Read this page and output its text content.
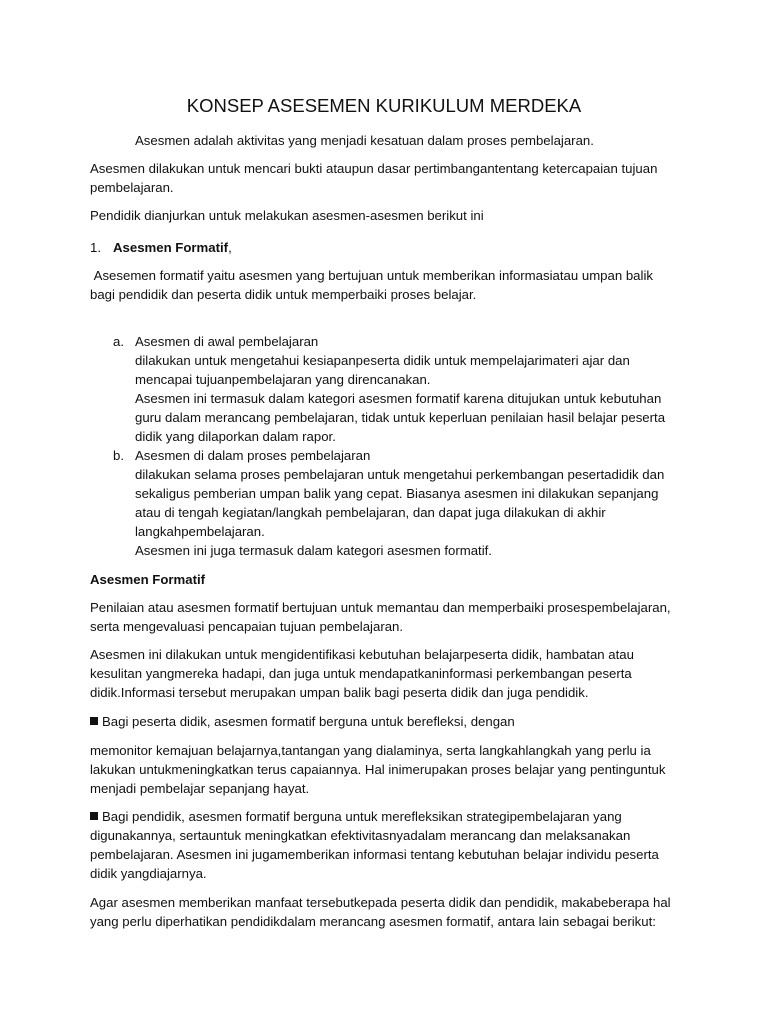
KONSEP ASESEMEN KURIKULUM MERDEKA

Asesmen adalah aktivitas yang menjadi kesatuan dalam proses pembelajaran.

Asesmen dilakukan untuk mencari bukti ataupun dasar pertimbangantentang ketercapaian tujuan pembelajaran.

Pendidik dianjurkan untuk melakukan asesmen-asesmen berikut ini

1. Asesmen Formatif,

Asesemen formatif yaitu asesmen yang bertujuan untuk memberikan informasiatau umpan balik bagi pendidik dan peserta didik untuk memperbaiki proses belajar.

a. Asesmen di awal pembelajaran
dilakukan untuk mengetahui kesiapanpeserta didik untuk mempelajarimateri ajar dan mencapai tujuanpembelajaran yang direncanakan.
Asesmen ini termasuk dalam kategori asesmen formatif karena ditujukan untuk kebutuhan guru dalam merancang pembelajaran, tidak untuk keperluan penilaian hasil belajar peserta didik yang dilaporkan dalam rapor.
b. Asesmen di dalam proses pembelajaran
dilakukan selama proses pembelajaran untuk mengetahui perkembangan pesertadidik dan sekaligus pemberian umpan balik yang cepat. Biasanya asesmen ini dilakukan sepanjang atau di tengah kegiatan/langkah pembelajaran, dan dapat juga dilakukan di akhir langkahpembelajaran.
Asesmen ini juga termasuk dalam kategori asesmen formatif.

Asesmen Formatif

Penilaian atau asesmen formatif bertujuan untuk memantau dan memperbaiki prosespembelajaran, serta mengevaluasi pencapaian tujuan pembelajaran.

Asesmen ini dilakukan untuk mengidentifikasi kebutuhan belajarpeserta didik, hambatan atau kesulitan yangmereka hadapi, dan juga untuk mendapatkaninformasi perkembangan peserta didik.Informasi tersebut merupakan umpan balik bagi peserta didik dan juga pendidik.

Bagi peserta didik, asesmen formatif berguna untuk berefleksi, dengan

memonitor kemajuan belajarnya,tantangan yang dialaminya, serta langkahlangkah yang perlu ia lakukan untukmeningkatkan terus capaiannya. Hal inimerupakan proses belajar yang pentinguntuk menjadi pembelajar sepanjang hayat.

Bagi pendidik, asesmen formatif berguna untuk merefleksikan strategipembelajaran yang digunakannya, sertauntuk meningkatkan efektivitasnyadalam merancang dan melaksanakan pembelajaran. Asesmen ini jugamemberikan informasi tentang kebutuhan belajar individu peserta didik yangdiajarnya.

Agar asesmen memberikan manfaat tersebutkepada peserta didik dan pendidik, makabeberapa hal yang perlu diperhatikan pendidikdalam merancang asesmen formatif, antara lain sebagai berikut:
